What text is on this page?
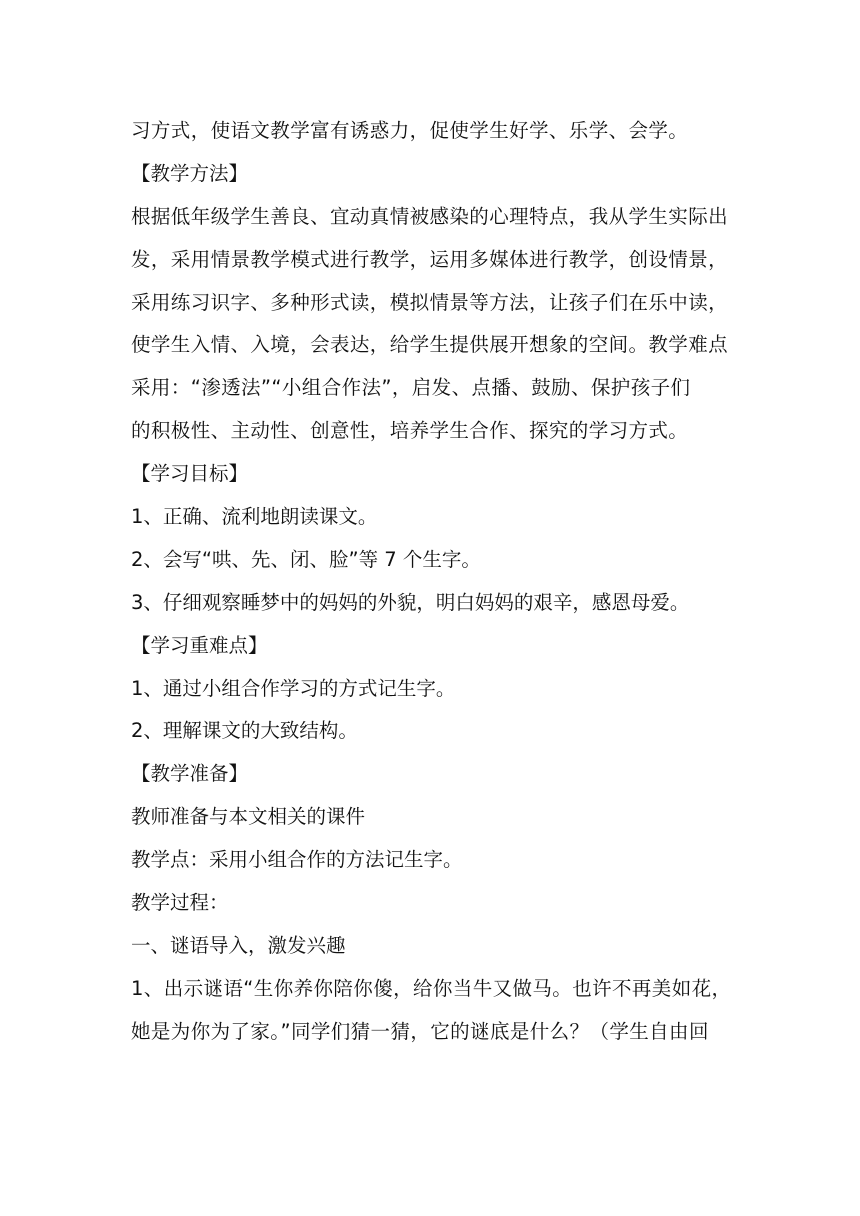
习方式，使语文教学富有诱惑力，促使学生好学、乐学、会学。
【教学方法】
根据低年级学生善良、宜动真情被感染的心理特点，我从学生实际出
发，采用情景教学模式进行教学，运用多媒体进行教学，创设情景，
采用练习识字、多种形式读，模拟情景等方法，让孩子们在乐中读，
使学生入情、入境，会表达，给学生提供展开想象的空间。教学难点
采用：“渗透法”“小组合作法”，启发、点播、鼓励、保护孩子们
的积极性、主动性、创意性，培养学生合作、探究的学习方式。
【学习目标】
1、正确、流利地朗读课文。
2、会写“哄、先、闭、脸”等 7 个生字。
3、仔细观察睡梦中的妈妈的外貌，明白妈妈的艰辛，感恩母爱。
【学习重难点】
1、通过小组合作学习的方式记生字。
2、理解课文的大致结构。
【教学准备】
教师准备与本文相关的课件
教学点：采用小组合作的方法记生字。
教学过程：
一、谜语导入，激发兴趣
1、出示谜语“生你养你陪你傻，给你当牛又做马。也许不再美如花，
她是为你为了家。”同学们猜一猜，它的谜底是什么？（学生自由回
